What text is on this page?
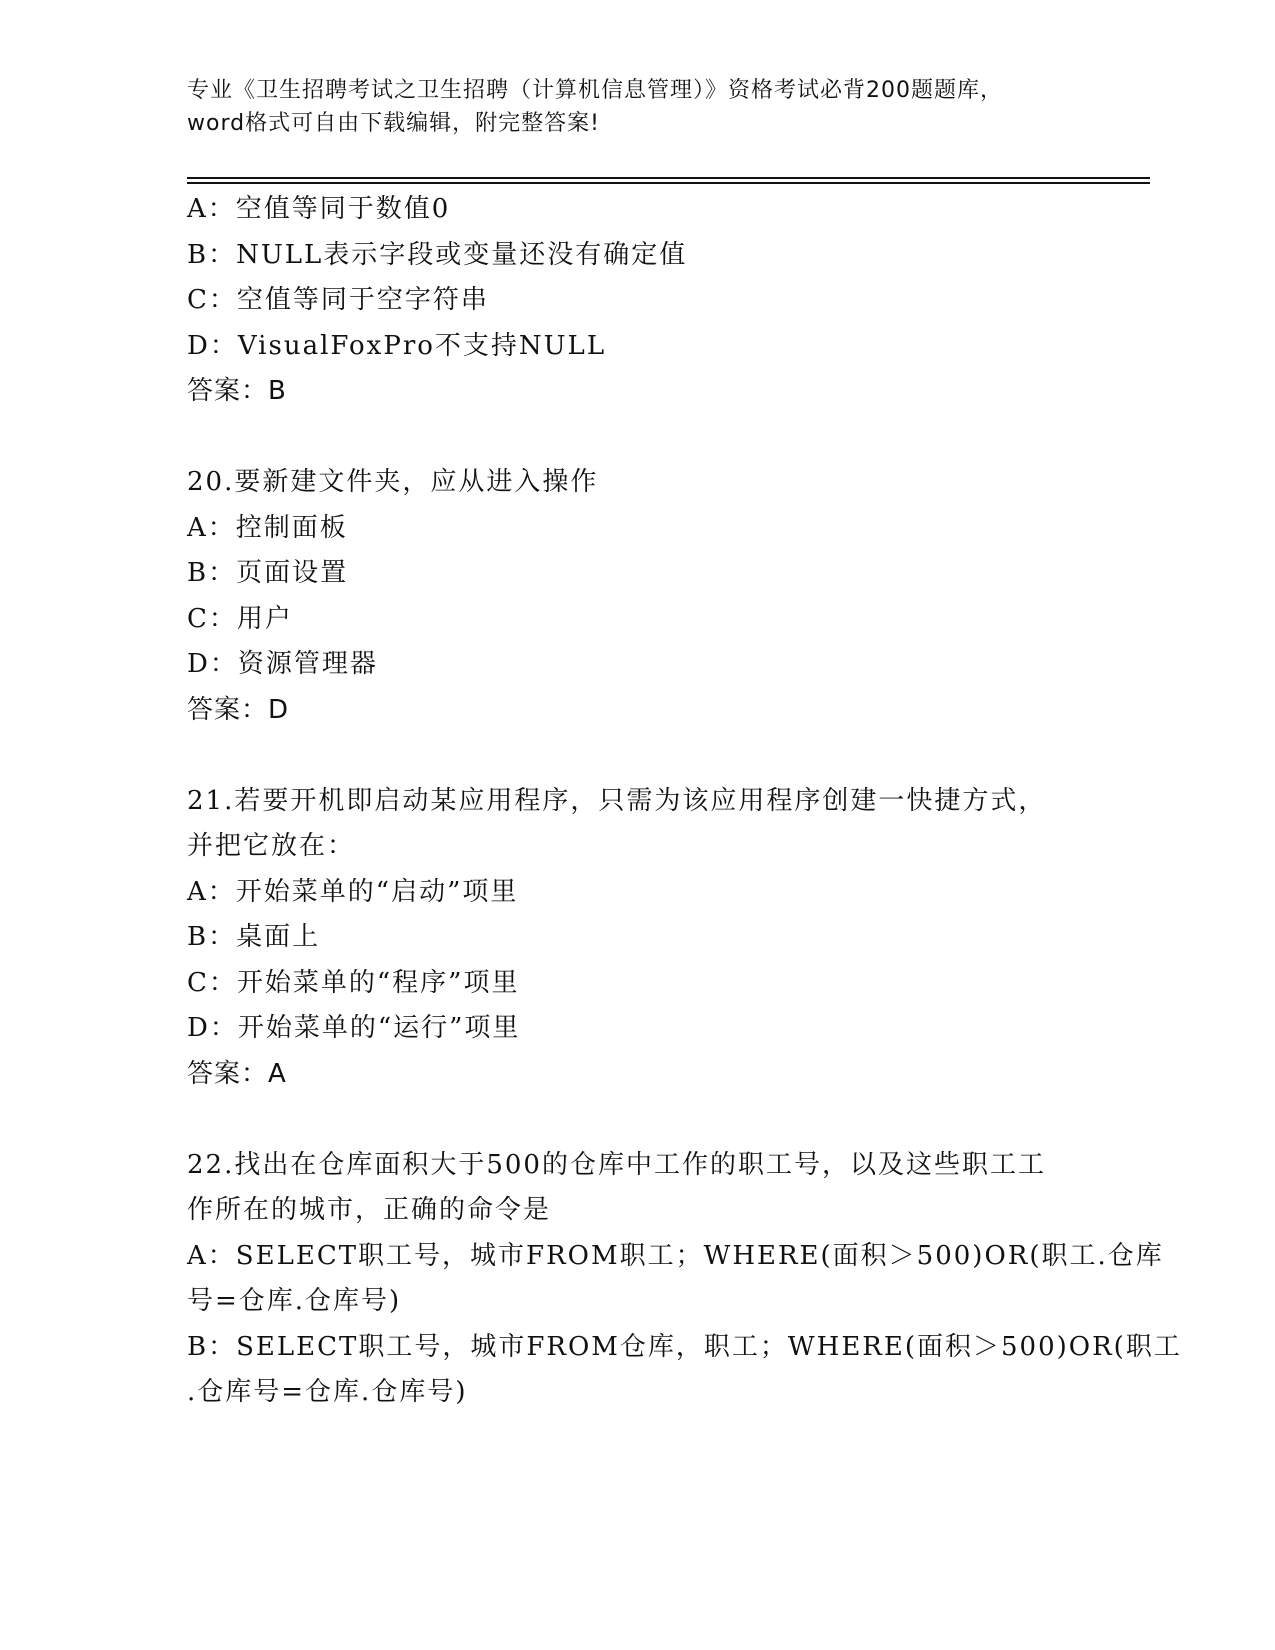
专业《卫生招聘考试之卫生招聘（计算机信息管理）》资格考试必背200题题库，
word格式可自由下载编辑，附完整答案!
A：空值等同于数值0
B：NULL表示字段或变量还没有确定值
C：空值等同于空字符串
D：VisualFoxPro不支持NULL
答案：B
20.要新建文件夹，应从进入操作
A：控制面板
B：页面设置
C：用户
D：资源管理器
答案：D
21.若要开机即启动某应用程序，只需为该应用程序创建一快捷方式，
并把它放在：
A：开始菜单的“启动”项里
B：桌面上
C：开始菜单的“程序”项里
D：开始菜单的“运行”项里
答案：A
22.找出在仓库面积大于500的仓库中工作的职工号，以及这些职工工
作所在的城市，正确的命令是
A：SELECT职工号，城市FROM职工；WHERE(面积＞500)OR(职工.仓库
号=仓库.仓库号)
B：SELECT职工号，城市FROM仓库，职工；WHERE(面积＞500)OR(职工
.仓库号=仓库.仓库号)
